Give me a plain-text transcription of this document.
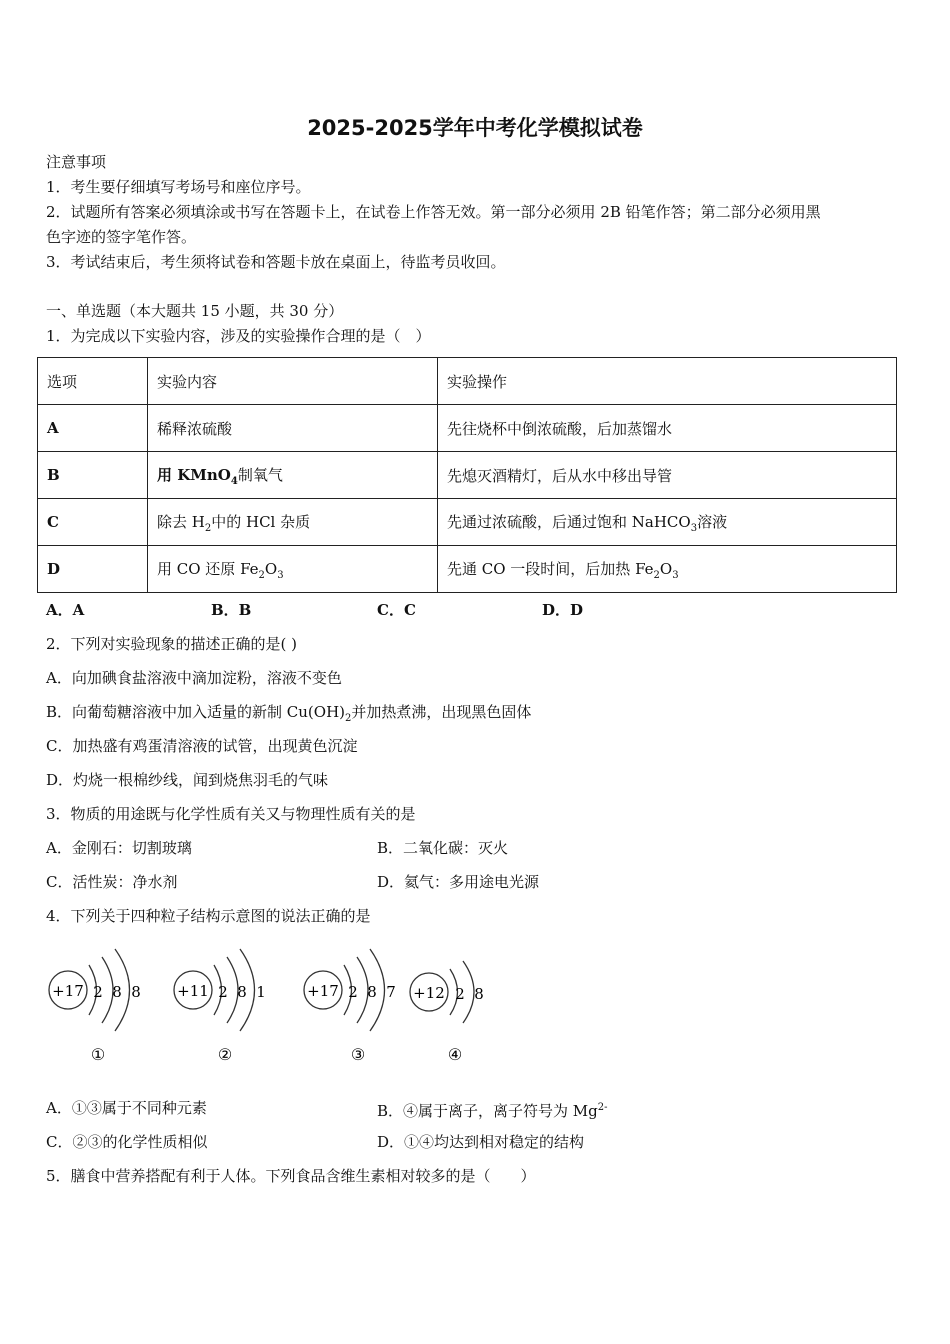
2025-2025学年中考化学模拟试卷
注意事项
1．考生要仔细填写考场号和座位序号。
2．试题所有答案必须填涂或书写在答题卡上，在试卷上作答无效。第一部分必须用 2B 铅笔作答；第二部分必须用黑
色字迹的签字笔作答。
3．考试结束后，考生须将试卷和答题卡放在桌面上，待监考员收回。
一、单选题（本大题共 15 小题，共 30 分）
1．为完成以下实验内容，涉及的实验操作合理的是（　）
选项	实验内容	实验操作
A	稀释浓硫酸	先往烧杯中倒浓硫酸，后加蒸馏水
B	用 KMnO$_4$制氧气	先熄灭酒精灯，后从水中移出导管
C	除去 $H_2$中的 HCl 杂质	先通过浓硫酸，后通过饱和 NaHCO$_3$溶液
D	用 CO 还原 $Fe_2O_3$	先通 CO 一段时间，后加热 $Fe_2O_3$
A．A	B．B	C．C	D．D
2．下列对实验现象的描述正确的是( )
A．向加碘食盐溶液中滴加淀粉，溶液不变色
B．向葡萄糖溶液中加入适量的新制 $Cu(OH)_2$并加热煮沸，出现黑色固体
C．加热盛有鸡蛋清溶液的试管，出现黄色沉淀
D．灼烧一根棉纱线，闻到烧焦羽毛的气味
3．物质的用途既与化学性质有关又与物理性质有关的是
A．金刚石：切割玻璃	B．二氧化碳：灭火
C．活性炭：净水剂	D．氦气：多用途电光源
4．下列关于四种粒子结构示意图的说法正确的是
+17 2 8 8
①
+11 2 8 1
②
+17 2 8 7
③
+12 2 8
④
A．①③属于不同种元素	B．④属于离子，离子符号为 $Mg^{2-}$
C．②③的化学性质相似	D．①④均达到相对稳定的结构
5．膳食中营养搭配有利于人体。下列食品含维生素相对较多的是（　　）
